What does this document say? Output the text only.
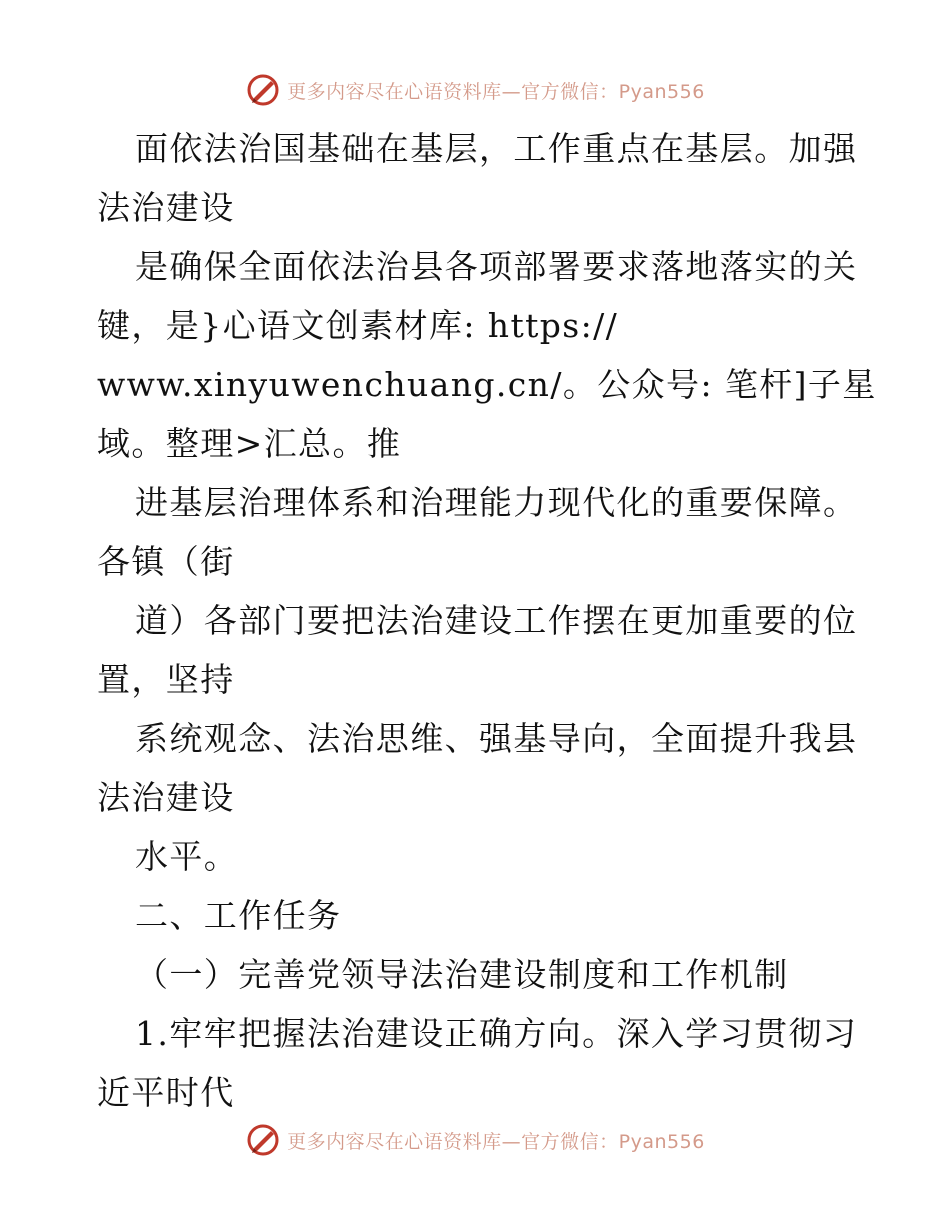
更多内容尽在心语资料库—官方微信：Pyan556
面依法治国基础在基层，工作重点在基层。加强
法治建设
是确保全面依法治县各项部署要求落地落实的关
键，是}心语文创素材库: https://
www.xinyuwenchuang.cn/。公众号: 笔杆]子星
域。整理>汇总。推
进基层治理体系和治理能力现代化的重要保障。
各镇（街
道）各部门要把法治建设工作摆在更加重要的位
置，坚持
系统观念、法治思维、强基导向，全面提升我县
法治建设
水平。
二、工作任务
（一）完善党领导法治建设制度和工作机制
1.牢牢把握法治建设正确方向。深入学习贯彻习
近平时代
更多内容尽在心语资料库—官方微信：Pyan556
